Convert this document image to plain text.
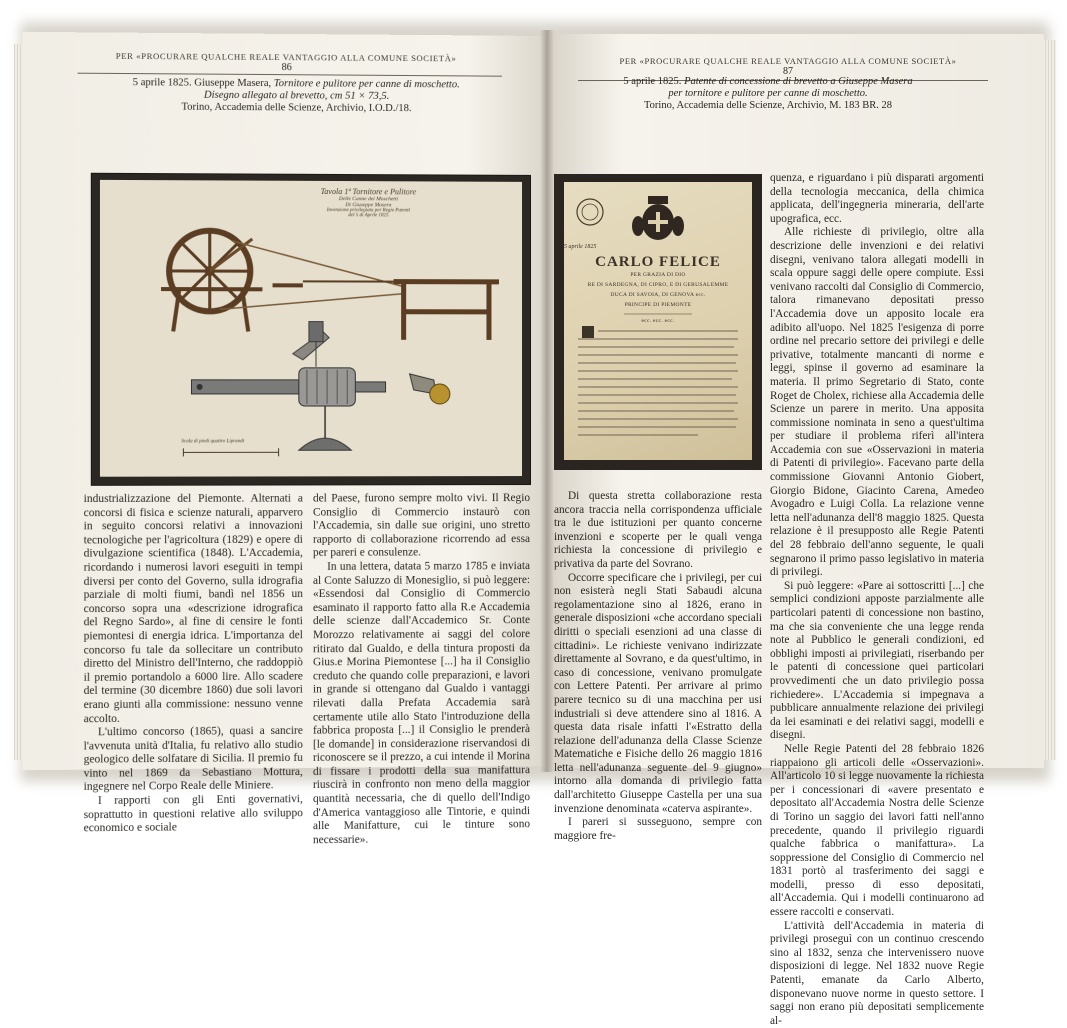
PER «PROCURARE QUALCHE REALE VANTAGGIO ALLA COMUNE SOCIETÀ»
86
5 aprile 1825. Giuseppe Masera, Tornitore e pulitore per canne di moschetto.
Disegno allegato al brevetto, cm 51 × 73,5.
Torino, Accademia delle Scienze, Archivio, I.O.D./18.
Tavola 1ª Tornitore e Pulitore
Delle Canne dei Moschetti
Di Giuseppe Masera
Invenzione privilegiata per Regie Patenti
del 5 di Aprile 1825
Scala di piedi quattro Liprandi

industrializzazione del Piemonte. Alternati a concorsi di fisica e scienze naturali, apparvero in seguito concorsi relativi a innovazioni tecnologiche per l'agricoltura (1829) e opere di divulgazione scientifica (1848). L'Accademia, ricordando i numerosi lavori eseguiti in tempi diversi per conto del Governo, sulla idrografia parziale di molti fiumi, bandì nel 1856 un concorso sopra una «descrizione idrografica del Regno Sardo», al fine di censire le fonti piemontesi di energia idrica. L'importanza del concorso fu tale da sollecitare un contributo diretto del Ministro dell'Interno, che raddoppiò il premio portandolo a 6000 lire. Allo scadere del termine (30 dicembre 1860) due soli lavori erano giunti alla commissione: nessuno venne accolto.

L'ultimo concorso (1865), quasi a sancire l'avvenuta unità d'Italia, fu relativo allo studio geologico delle solfatare di Sicilia. Il premio fu vinto nel 1869 da Sebastiano Mottura, ingegnere nel Corpo Reale delle Miniere.

I rapporti con gli Enti governativi, soprattutto in questioni relative allo sviluppo economico e sociale

del Paese, furono sempre molto vivi. Il Regio Consiglio di Commercio instaurò con l'Accademia, sin dalle sue origini, uno stretto rapporto di collaborazione ricorrendo ad essa per pareri e consulenze.

In una lettera, datata 5 marzo 1785 e inviata al Conte Saluzzo di Monesiglio, si può leggere: «Essendosi dal Consiglio di Commercio esaminato il rapporto fatto alla R.e Accademia delle scienze dall'Accademico Sr. Conte Morozzo relativamente ai saggi del colore ritirato dal Gualdo, e della tintura proposti da Gius.e Morina Piemontese [...] ha il Consiglio creduto che quando colle preparazioni, e lavori in grande si ottengano dal Gualdo i vantaggi rilevati dalla Prefata Accademia sarà certamente utile allo Stato l'introduzione della fabbrica proposta [...] il Consiglio le prenderà [le domande] in considerazione riservandosi di riconoscere se il prezzo, a cui intende il Morina di fissare i prodotti della sua manifattura riuscirà in confronto non meno della maggior quantità necessaria, che di quello dell'Indigo d'America vantaggioso alle Tintorie, e quindi alle Manifatture, cui le tinture sono necessarie».

PER «PROCURARE QUALCHE REALE VANTAGGIO ALLA COMUNE SOCIETÀ»
87
5 aprile 1825. Patente di concessione di brevetto a Giuseppe Masera
per tornitore e pulitore per canne di moschetto.
Torino, Accademia delle Scienze, Archivio, M. 183 BR. 28
5 aprile 1825
CARLO FELICE
PER GRAZIA DI DIO
RE DI SARDEGNA, DI CIPRO, E DI GERUSALEMME
DUCA DI SAVOIA, DI GENOVA ecc.
PRINCIPE DI PIEMONTE
ecc. ecc. ecc.

quenza, e riguardano i più disparati argomenti della tecnologia meccanica, della chimica applicata, dell'ingegneria mineraria, dell'arte upografica, ecc.

Alle richieste di privilegio, oltre alla descrizione delle invenzioni e dei relativi disegni, venivano talora allegati modelli in scala oppure saggi delle opere compiute. Essi venivano raccolti dal Consiglio di Commercio, talora rimanevano depositati presso l'Accademia dove un apposito locale era adibito all'uopo. Nel 1825 l'esigenza di porre ordine nel precario settore dei privilegi e delle privative, totalmente mancanti di norme e leggi, spinse il governo ad esaminare la materia. Il primo Segretario di Stato, conte Roget de Cholex, richiese alla Accademia delle Scienze un parere in merito. Una apposita commissione nominata in seno a quest'ultima per studiare il problema riferì all'intera Accademia con sue «Osservazioni in materia di Patenti di privilegio». Facevano parte della commissione Giovanni Antonio Giobert, Giorgio Bidone, Giacinto Carena, Amedeo Avogadro e Luigi Colla. La relazione venne letta nell'adunanza dell'8 maggio 1825. Questa relazione è il presupposto alle Regie Patenti del 28 febbraio dell'anno seguente, le quali segnarono il primo passo legislativo in materia di privilegi.

Si può leggere: «Pare ai sottoscritti [...] che semplici condizioni apposte parzialmente alle particolari patenti di concessione non bastino, ma che sia conveniente che una legge renda note al Pubblico le generali condizioni, ed obblighi imposti ai privilegiati, riserbando per le patenti di concessione quei particolari provvedimenti che un dato privilegio possa richiedere». L'Accademia si impegnava a pubblicare annualmente relazione dei privilegi da lei esaminati e dei relativi saggi, modelli e disegni.

Nelle Regie Patenti del 28 febbraio 1826 riappaiono gli articoli delle «Osservazioni». All'articolo 10 si legge nuovamente la richiesta per i concessionari di «avere presentato e depositato all'Accademia Nostra delle Scienze di Torino un saggio dei lavori fatti nell'anno precedente, quando il privilegio riguardi qualche fabbrica o manifattura». La soppressione del Consiglio di Commercio nel 1831 portò al trasferimento dei saggi e modelli, presso di esso depositati, all'Accademia. Qui i modelli continuarono ad essere raccolti e conservati.

L'attività dell'Accademia in materia di privilegi proseguì con un continuo crescendo sino al 1832, senza che intervenissero nuove disposizioni di legge. Nel 1832 nuove Regie Patenti, emanate da Carlo Alberto, disponevano nuove norme in questo settore. I saggi non erano più depositati semplicemente al-

Di questa stretta collaborazione resta ancora traccia nella corrispondenza ufficiale tra le due istituzioni per quanto concerne invenzioni e scoperte per le quali venga richiesta la concessione di privilegio e privativa da parte del Sovrano.

Occorre specificare che i privilegi, per cui non esisterà negli Stati Sabaudi alcuna regolamentazione sino al 1826, erano in generale disposizioni «che accordano speciali diritti o speciali esenzioni ad una classe di cittadini». Le richieste venivano indirizzate direttamente al Sovrano, e da quest'ultimo, in caso di concessione, venivano promulgate con Lettere Patenti. Per arrivare al primo parere tecnico su di una macchina per usi industriali si deve attendere sino al 1816. A questa data risale infatti l'«Estratto della relazione dell'adunanza della Classe Scienze Matematiche e Fisiche dello 26 maggio 1816 letta nell'adunanza seguente del 9 giugno» intorno alla domanda di privilegio fatta dall'architetto Giuseppe Castella per una sua invenzione denominata «caterva aspirante».

I pareri si susseguono, sempre con maggiore fre-
